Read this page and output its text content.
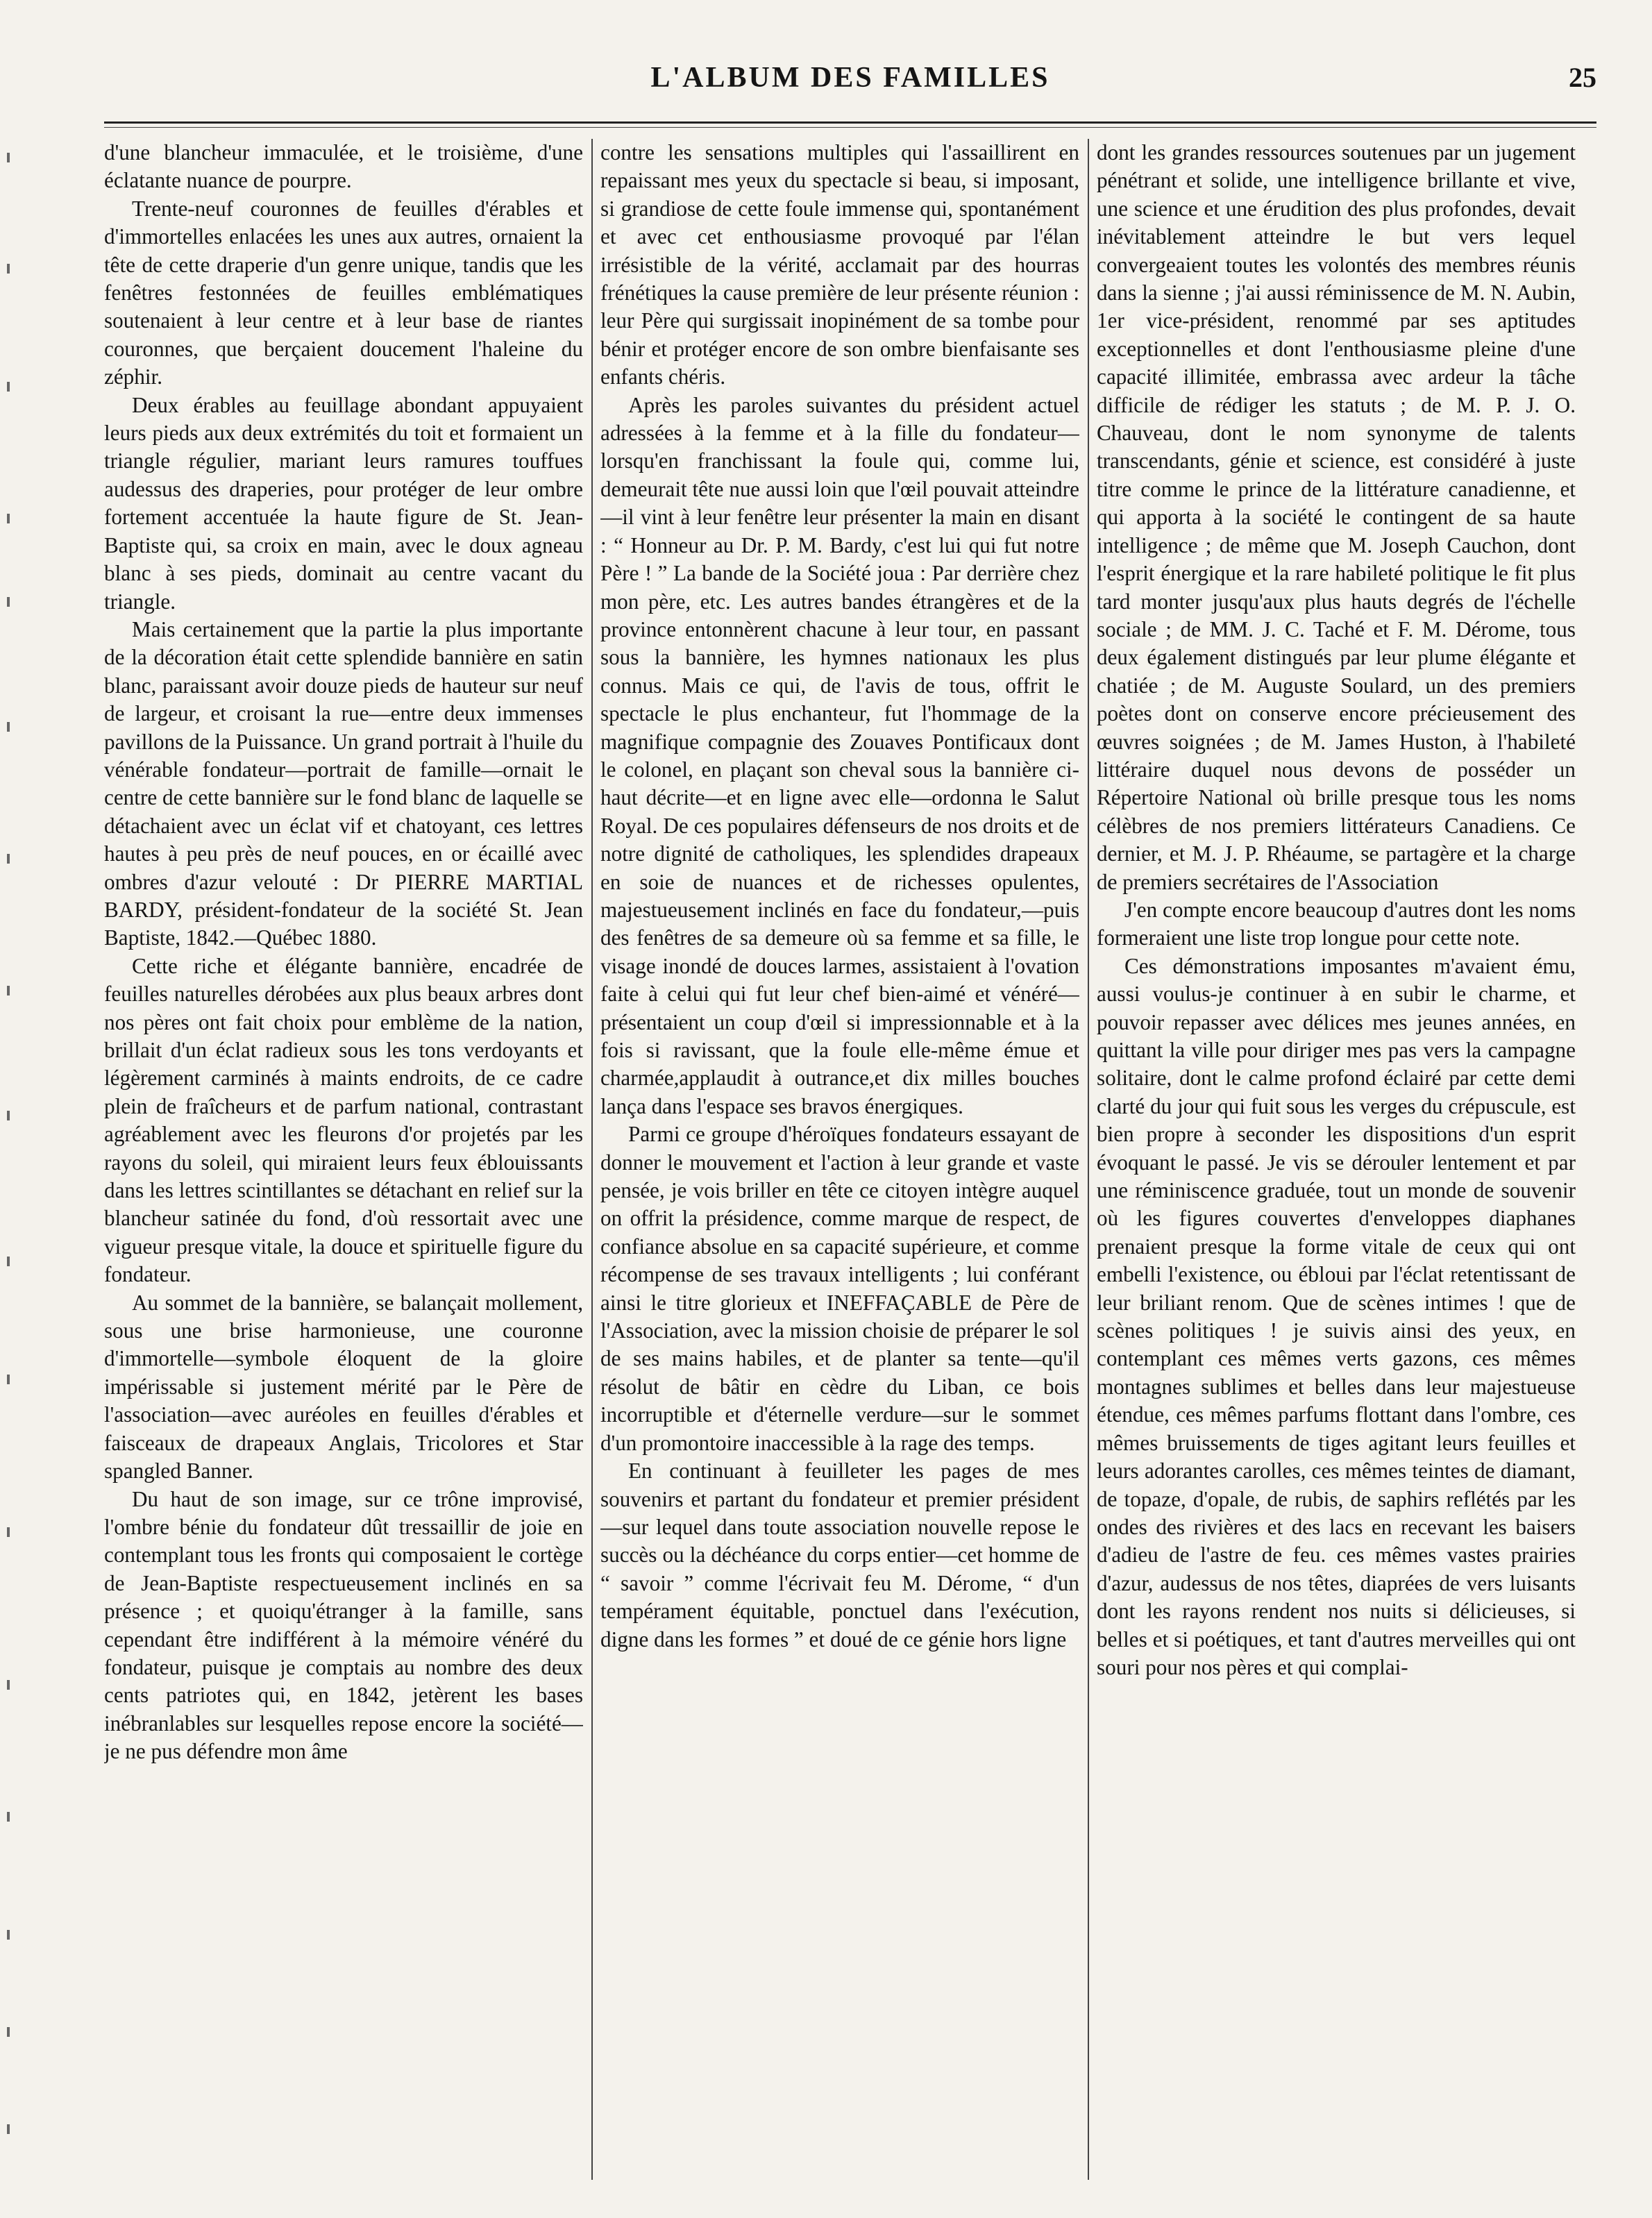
L'ALBUM DES FAMILLES	25

d'une blancheur immaculée, et le troisième, d'une éclatante nuance de pourpre.

Trente-neuf couronnes de feuilles d'érables et d'immortelles enlacées les unes aux autres, ornaient la tête de cette draperie d'un genre unique, tandis que les fenêtres festonnées de feuilles emblématiques soutenaient à leur centre et à leur base de riantes couronnes, que berçaient doucement l'haleine du zéphir.

Deux érables au feuillage abondant appuyaient leurs pieds aux deux extrémités du toit et formaient un triangle régulier, mariant leurs ramures touffues audessus des draperies, pour protéger de leur ombre fortement accentuée la haute figure de St. Jean-Baptiste qui, sa croix en main, avec le doux agneau blanc à ses pieds, dominait au centre vacant du triangle.

Mais certainement que la partie la plus importante de la décoration était cette splendide bannière en satin blanc, paraissant avoir douze pieds de hauteur sur neuf de largeur, et croisant la rue—entre deux immenses pavillons de la Puissance. Un grand portrait à l'huile du vénérable fondateur—portrait de famille—ornait le centre de cette bannière sur le fond blanc de laquelle se détachaient avec un éclat vif et chatoyant, ces lettres hautes à peu près de neuf pouces, en or écaillé avec ombres d'azur velouté : Dr PIERRE MARTIAL BARDY, président-fondateur de la société St. Jean Baptiste, 1842.—Québec 1880.

Cette riche et élégante bannière, encadrée de feuilles naturelles dérobées aux plus beaux arbres dont nos pères ont fait choix pour emblème de la nation, brillait d'un éclat radieux sous les tons verdoyants et légèrement carminés à maints endroits, de ce cadre plein de fraîcheurs et de parfum national, contrastant agréablement avec les fleurons d'or projetés par les rayons du soleil, qui miraient leurs feux éblouissants dans les lettres scintillantes se détachant en relief sur la blancheur satinée du fond, d'où ressortait avec une vigueur presque vitale, la douce et spirituelle figure du fondateur.

Au sommet de la bannière, se balançait mollement, sous une brise harmonieuse, une couronne d'immortelle—symbole éloquent de la gloire impérissable si justement mérité par le Père de l'association—avec auréoles en feuilles d'érables et faisceaux de drapeaux Anglais, Tricolores et Star spangled Banner.

Du haut de son image, sur ce trône improvisé, l'ombre bénie du fondateur dût tressaillir de joie en contemplant tous les fronts qui composaient le cortège de Jean-Baptiste respectueusement inclinés en sa présence ; et quoiqu'étranger à la famille, sans cependant être indifférent à la mémoire vénéré du fondateur, puisque je comptais au nombre des deux cents patriotes qui, en 1842, jetèrent les bases inébranlables sur lesquelles repose encore la société—je ne pus défendre mon âme

contre les sensations multiples qui l'assaillirent en repaissant mes yeux du spectacle si beau, si imposant, si grandiose de cette foule immense qui, spontanément et avec cet enthousiasme provoqué par l'élan irrésistible de la vérité, acclamait par des hourras frénétiques la cause première de leur présente réunion : leur Père qui surgissait inopinément de sa tombe pour bénir et protéger encore de son ombre bienfaisante ses enfants chéris.

Après les paroles suivantes du président actuel adressées à la femme et à la fille du fondateur—lorsqu'en franchissant la foule qui, comme lui, demeurait tête nue aussi loin que l'œil pouvait atteindre—il vint à leur fenêtre leur présenter la main en disant : “ Honneur au Dr. P. M. Bardy, c'est lui qui fut notre Père ! ” La bande de la Société joua : Par derrière chez mon père, etc. Les autres bandes étrangères et de la province entonnèrent chacune à leur tour, en passant sous la bannière, les hymnes nationaux les plus connus. Mais ce qui, de l'avis de tous, offrit le spectacle le plus enchanteur, fut l'hommage de la magnifique compagnie des Zouaves Pontificaux dont le colonel, en plaçant son cheval sous la bannière ci-haut décrite—et en ligne avec elle—ordonna le Salut Royal. De ces populaires défenseurs de nos droits et de notre dignité de catholiques, les splendides drapeaux en soie de nuances et de richesses opulentes, majestueusement inclinés en face du fondateur,—puis des fenêtres de sa demeure où sa femme et sa fille, le visage inondé de douces larmes, assistaient à l'ovation faite à celui qui fut leur chef bien-aimé et vénéré—présentaient un coup d'œil si impressionnable et à la fois si ravissant, que la foule elle-même émue et charmée,applaudit à outrance,et dix milles bouches lança dans l'espace ses bravos énergiques.

Parmi ce groupe d'héroïques fondateurs essayant de donner le mouvement et l'action à leur grande et vaste pensée, je vois briller en tête ce citoyen intègre auquel on offrit la présidence, comme marque de respect, de confiance absolue en sa capacité supérieure, et comme récompense de ses travaux intelligents ; lui conférant ainsi le titre glorieux et INEFFAÇABLE de Père de l'Association, avec la mission choisie de préparer le sol de ses mains habiles, et de planter sa tente—qu'il résolut de bâtir en cèdre du Liban, ce bois incorruptible et d'éternelle verdure—sur le sommet d'un promontoire inaccessible à la rage des temps.

En continuant à feuilleter les pages de mes souvenirs et partant du fondateur et premier président—sur lequel dans toute association nouvelle repose le succès ou la déchéance du corps entier—cet homme de “ savoir ” comme l'écrivait feu M. Dérome, “ d'un tempérament équitable, ponctuel dans l'exécution, digne dans les formes ” et doué de ce génie hors ligne

dont les grandes ressources soutenues par un jugement pénétrant et solide, une intelligence brillante et vive, une science et une érudition des plus profondes, devait inévitablement atteindre le but vers lequel convergeaient toutes les volontés des membres réunis dans la sienne ; j'ai aussi réminissence de M. N. Aubin, 1er vice-président, renommé par ses aptitudes exceptionnelles et dont l'enthousiasme pleine d'une capacité illimitée, embrassa avec ardeur la tâche difficile de rédiger les statuts ; de M. P. J. O. Chauveau, dont le nom synonyme de talents transcendants, génie et science, est considéré à juste titre comme le prince de la littérature canadienne, et qui apporta à la société le contingent de sa haute intelligence ; de même que M. Joseph Cauchon, dont l'esprit énergique et la rare habileté politique le fit plus tard monter jusqu'aux plus hauts degrés de l'échelle sociale ; de MM. J. C. Taché et F. M. Dérome, tous deux également distingués par leur plume élégante et chatiée ; de M. Auguste Soulard, un des premiers poètes dont on conserve encore précieusement des œuvres soignées ; de M. James Huston, à l'habileté littéraire duquel nous devons de posséder un Répertoire National où brille presque tous les noms célèbres de nos premiers littérateurs Canadiens. Ce dernier, et M. J. P. Rhéaume, se partagère et la charge de premiers secrétaires de l'Association

J'en compte encore beaucoup d'autres dont les noms formeraient une liste trop longue pour cette note.

Ces démonstrations imposantes m'avaient ému, aussi voulus-je continuer à en subir le charme, et pouvoir repasser avec délices mes jeunes années, en quittant la ville pour diriger mes pas vers la campagne solitaire, dont le calme profond éclairé par cette demi clarté du jour qui fuit sous les verges du crépuscule, est bien propre à seconder les dispositions d'un esprit évoquant le passé. Je vis se dérouler lentement et par une réminiscence graduée, tout un monde de souvenir où les figures couvertes d'enveloppes diaphanes prenaient presque la forme vitale de ceux qui ont embelli l'existence, ou ébloui par l'éclat retentissant de leur briliant renom. Que de scènes intimes ! que de scènes politiques ! je suivis ainsi des yeux, en contemplant ces mêmes verts gazons, ces mêmes montagnes sublimes et belles dans leur majestueuse étendue, ces mêmes parfums flottant dans l'ombre, ces mêmes bruissements de tiges agitant leurs feuilles et leurs adorantes carolles, ces mêmes teintes de diamant, de topaze, d'opale, de rubis, de saphirs reflétés par les ondes des rivières et des lacs en recevant les baisers d'adieu de l'astre de feu. ces mêmes vastes prairies d'azur, audessus de nos têtes, diaprées de vers luisants dont les rayons rendent nos nuits si délicieuses, si belles et si poétiques, et tant d'autres merveilles qui ont souri pour nos pères et qui complai-
